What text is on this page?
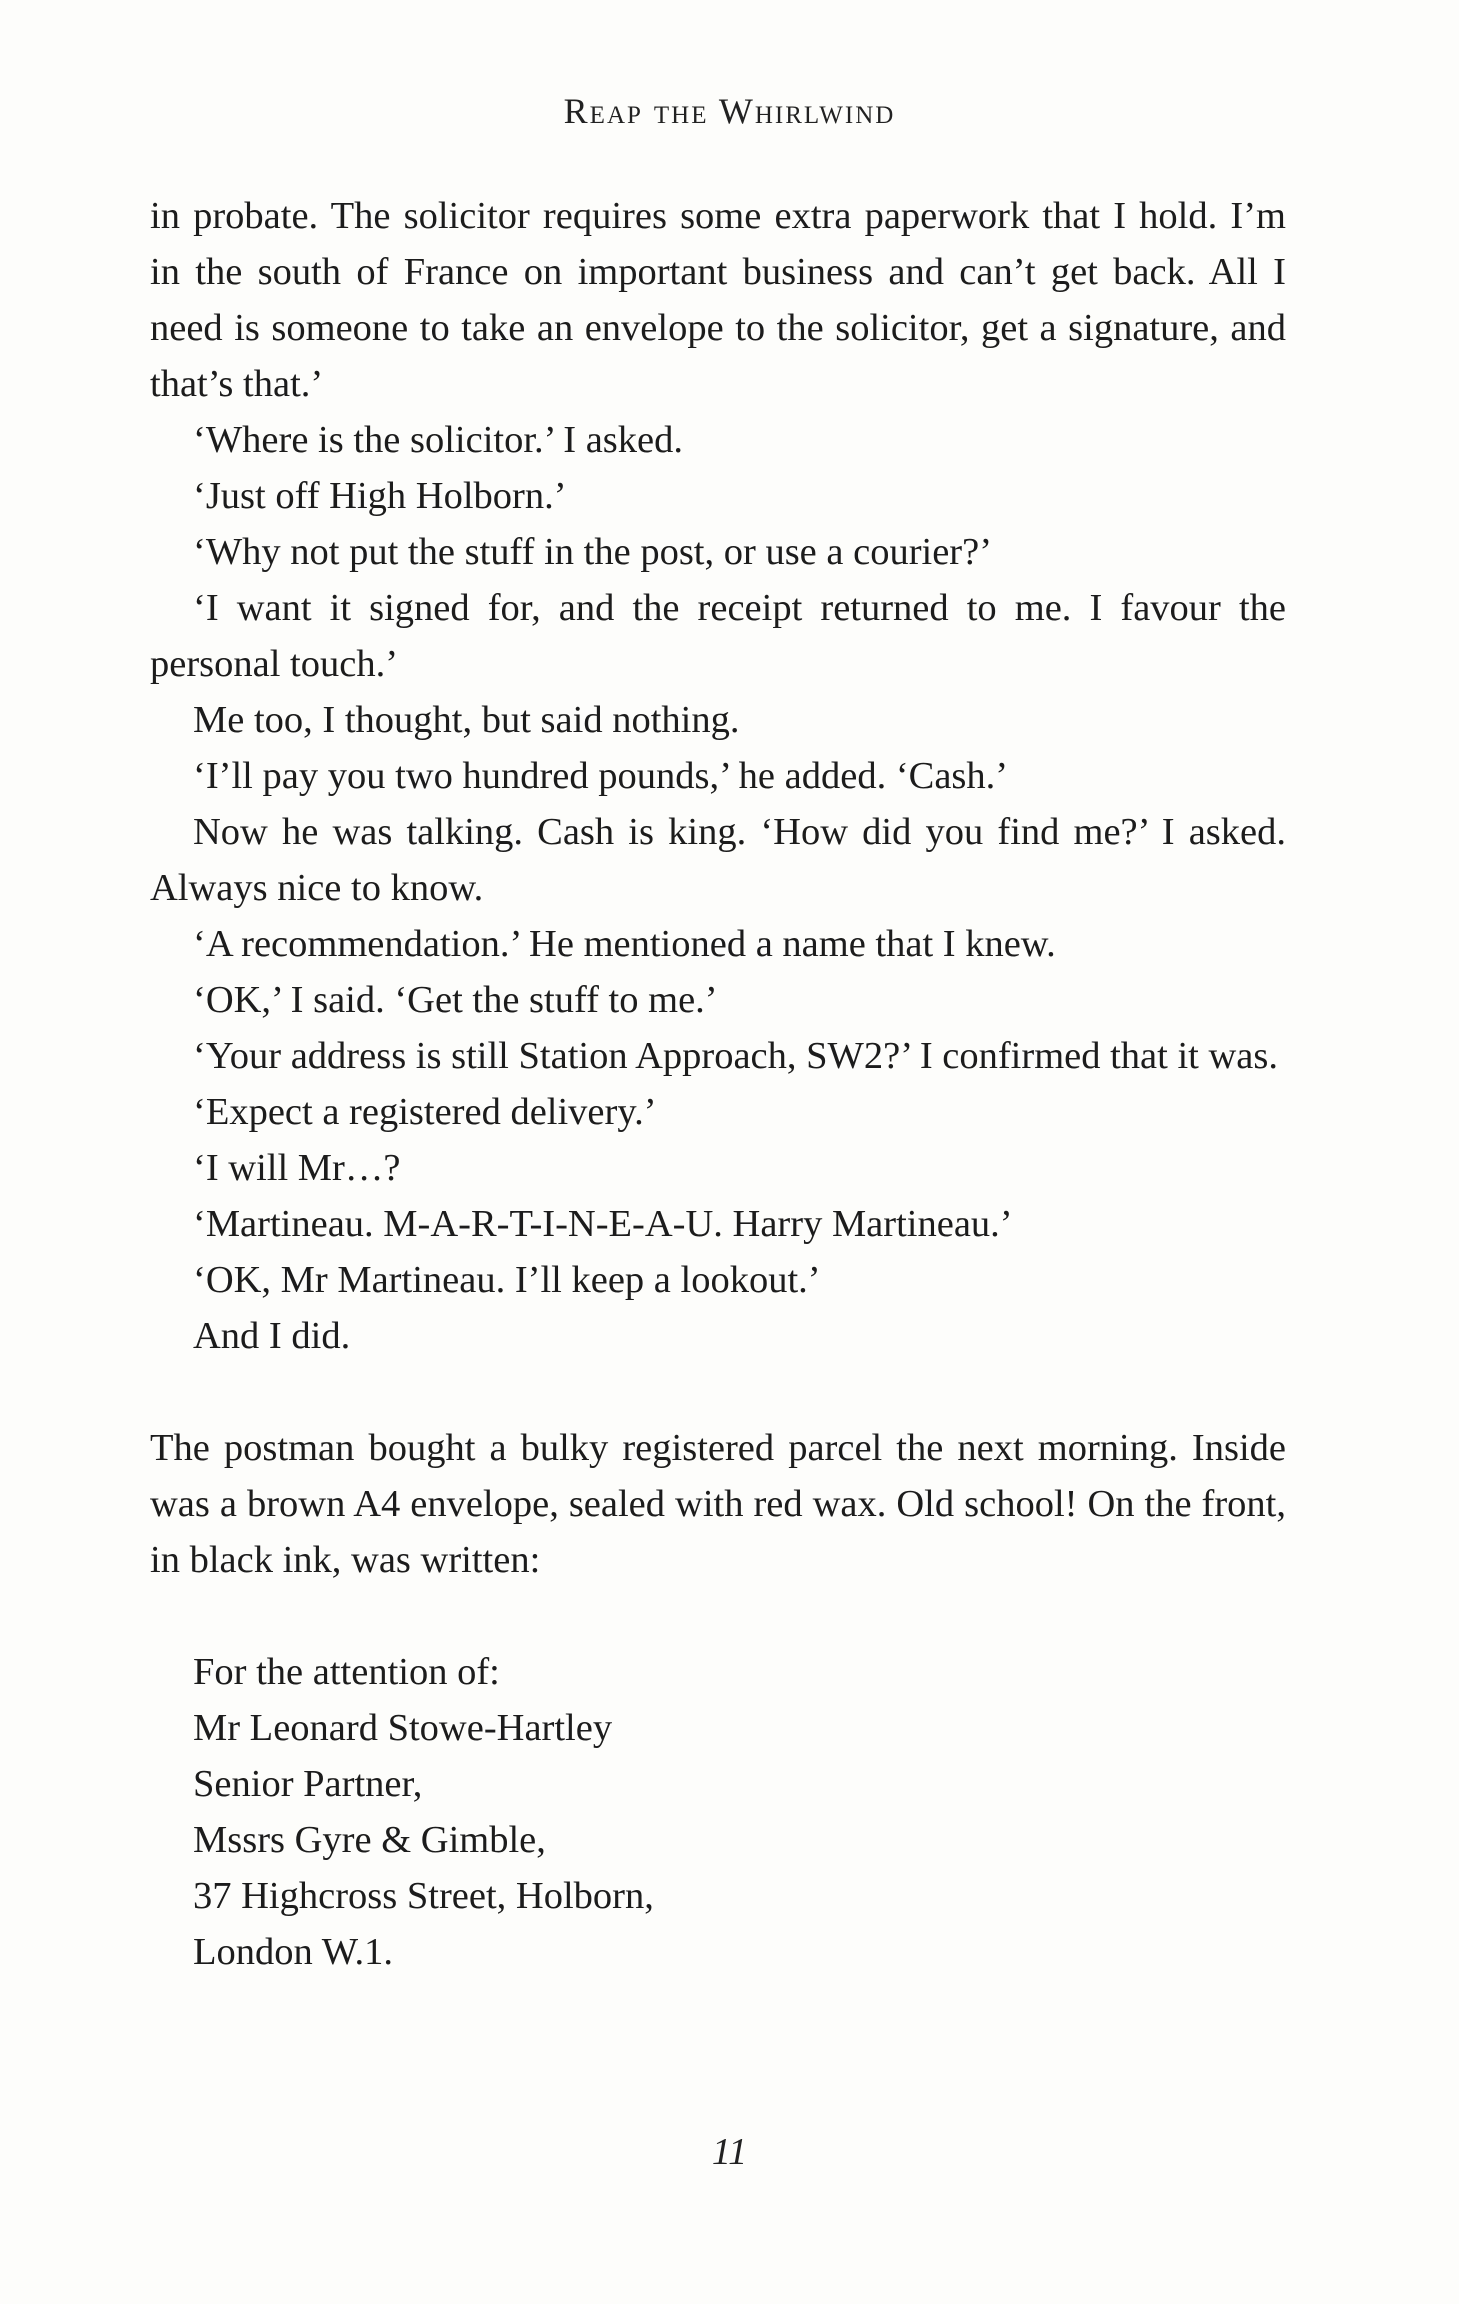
Reap the Whirlwind

in probate. The solicitor requires some extra paperwork that I hold. I’m in the south of France on important business and can’t get back. All I need is someone to take an envelope to the solicitor, get a signature, and that’s that.’

‘Where is the solicitor.’ I asked.

‘Just off High Holborn.’

‘Why not put the stuff in the post, or use a courier?’

‘I want it signed for, and the receipt returned to me. I favour the personal touch.’

Me too, I thought, but said nothing.

‘I’ll pay you two hundred pounds,’ he added. ‘Cash.’

Now he was talking. Cash is king. ‘How did you find me?’ I asked. Always nice to know.

‘A recommendation.’ He mentioned a name that I knew.

‘OK,’ I said. ‘Get the stuff to me.’

‘Your address is still Station Approach, SW2?’ I confirmed that it was.

‘Expect a registered delivery.’

‘I will Mr…?

‘Martineau. M-A-R-T-I-N-E-A-U. Harry Martineau.’

‘OK, Mr Martineau. I’ll keep a lookout.’

And I did.

The postman bought a bulky registered parcel the next morning. Inside was a brown A4 envelope, sealed with red wax. Old school! On the front, in black ink, was written:

For the attention of:
Mr Leonard Stowe-Hartley
Senior Partner,
Mssrs Gyre & Gimble,
37 Highcross Street, Holborn,
London W.1.
11
